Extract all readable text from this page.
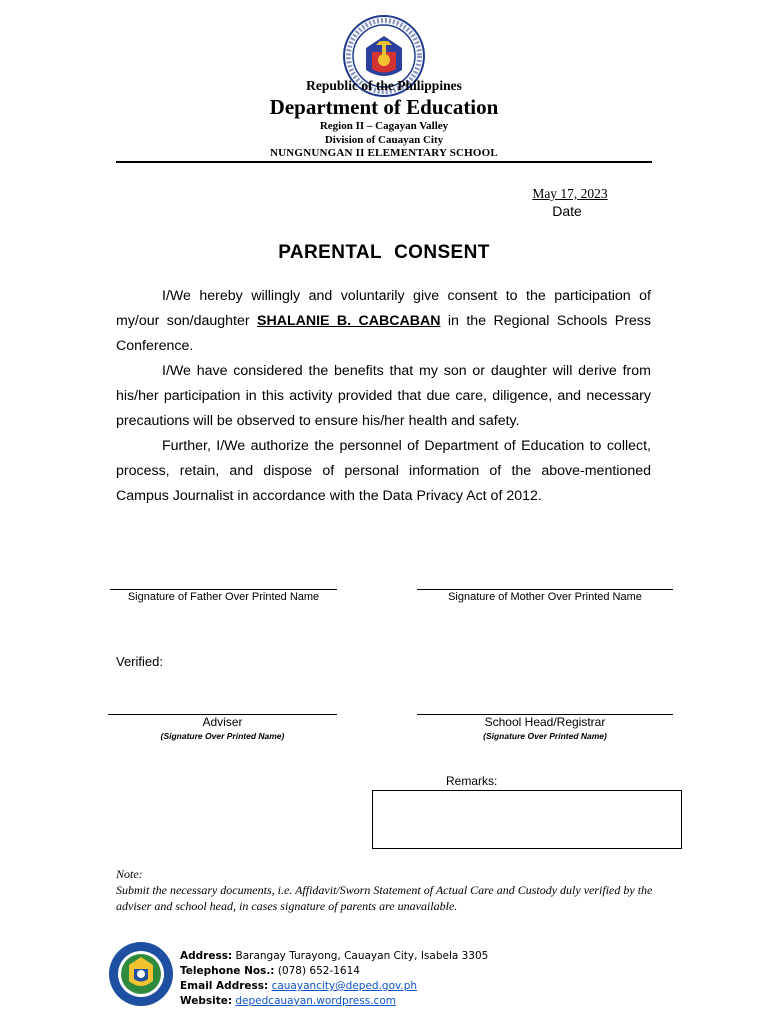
Republic of the Philippines
Department of Education
Region II – Cagayan Valley
Division of Cauayan City
NUNGNUNGAN II ELEMENTARY SCHOOL
May 17, 2023
Date
PARENTAL CONSENT
I/We hereby willingly and voluntarily give consent to the participation of my/our son/daughter SHALANIE B. CABCABAN in the Regional Schools Press Conference.
I/We have considered the benefits that my son or daughter will derive from his/her participation in this activity provided that due care, diligence, and necessary precautions will be observed to ensure his/her health and safety.
Further, I/We authorize the personnel of Department of Education to collect, process, retain, and dispose of personal information of the above-mentioned Campus Journalist in accordance with the Data Privacy Act of 2012.
Signature of Father Over Printed Name	Signature of Mother Over Printed Name
Verified:
Adviser
(Signature Over Printed Name)
School Head/Registrar
(Signature Over Printed Name)
Remarks:
Note:
Submit the necessary documents, i.e. Affidavit/Sworn Statement of Actual Care and Custody duly verified by the adviser and school head, in cases signature of parents are unavailable.
Address: Barangay Turayong, Cauayan City, Isabela 3305
Telephone Nos.: (078) 652-1614
Email Address: cauayancity@deped.gov.ph
Website: depedcauayan.wordpress.com
